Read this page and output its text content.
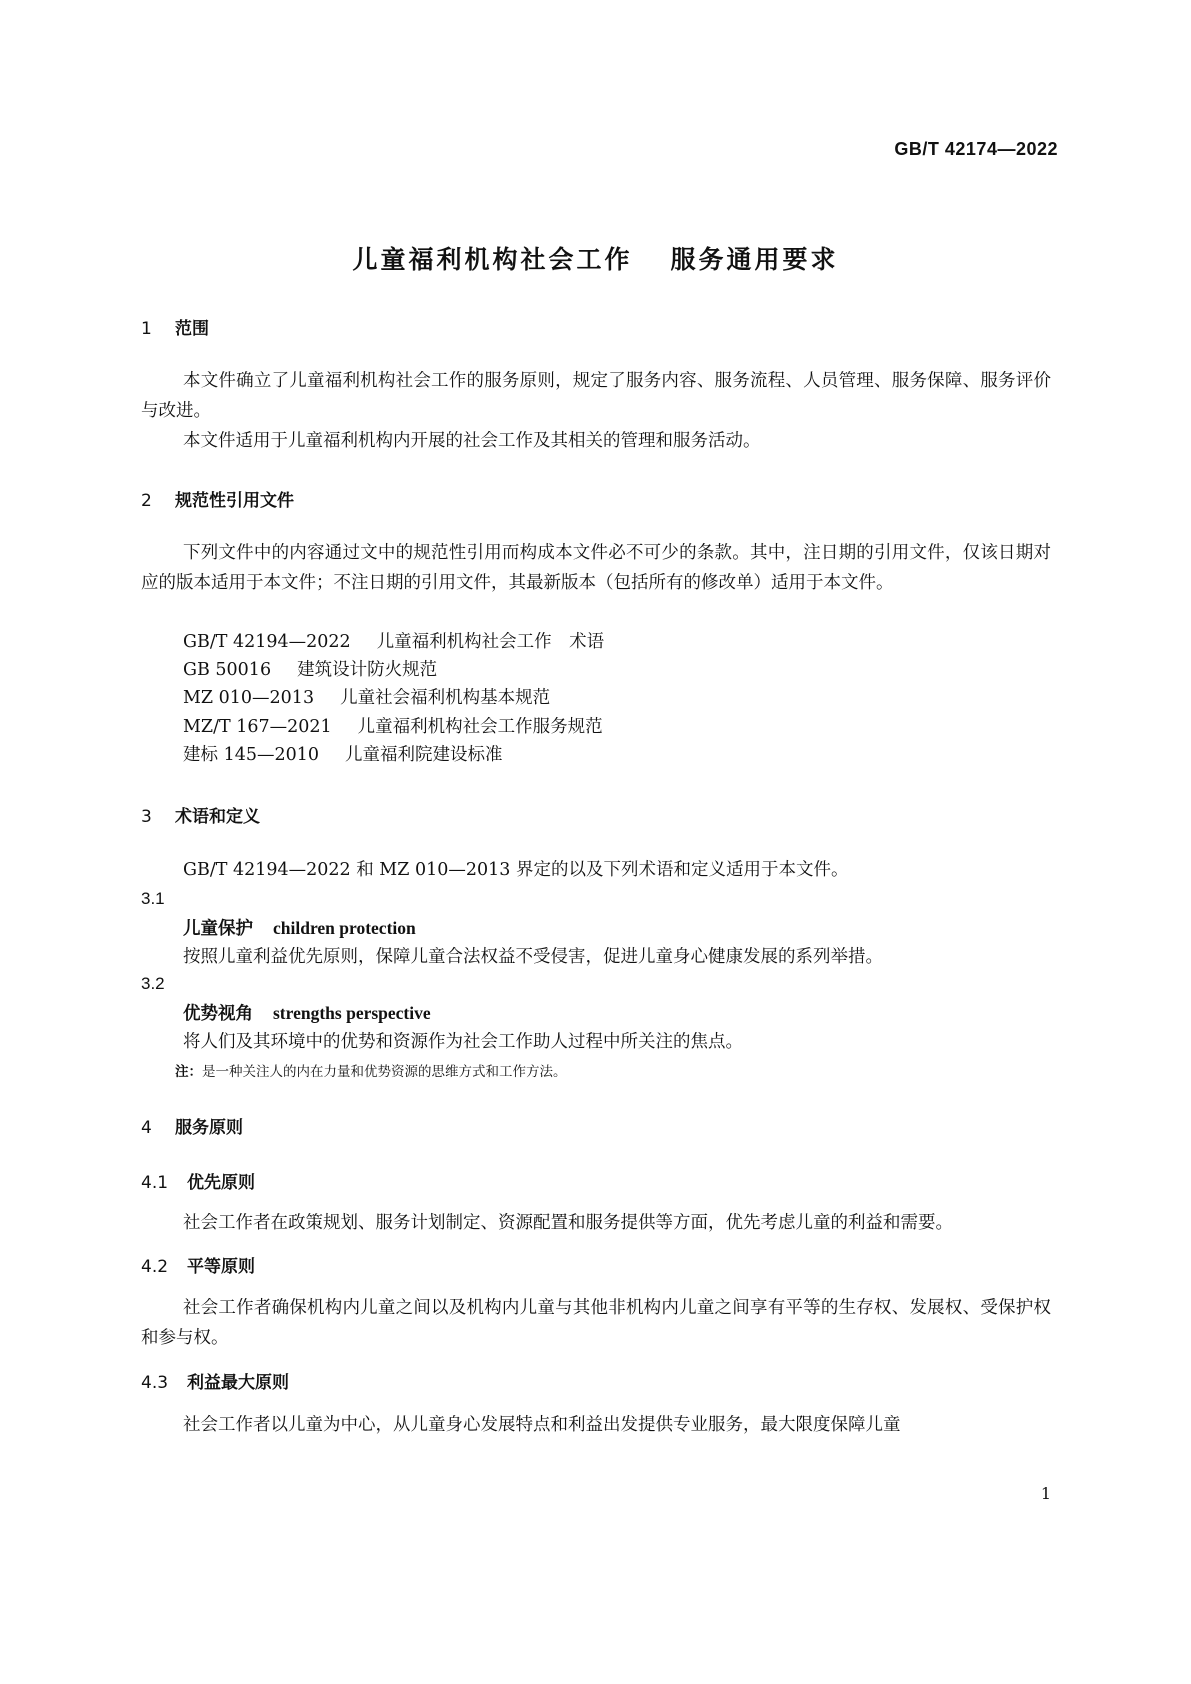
GB/T 42174—2022
儿童福利机构社会工作 服务通用要求
1 范围
本文件确立了儿童福利机构社会工作的服务原则，规定了服务内容、服务流程、人员管理、服务保障、服务评价与改进。
本文件适用于儿童福利机构内开展的社会工作及其相关的管理和服务活动。
2 规范性引用文件
下列文件中的内容通过文中的规范性引用而构成本文件必不可少的条款。其中，注日期的引用文件，仅该日期对应的版本适用于本文件；不注日期的引用文件，其最新版本（包括所有的修改单）适用于本文件。
GB/T 42194—2022 儿童福利机构社会工作　术语
GB 50016 建筑设计防火规范
MZ 010—2013 儿童社会福利机构基本规范
MZ/T 167—2021 儿童福利机构社会工作服务规范
建标 145—2010 儿童福利院建设标准
3 术语和定义
GB/T 42194—2022 和 MZ 010—2013 界定的以及下列术语和定义适用于本文件。
3.1
儿童保护 children protection
按照儿童利益优先原则，保障儿童合法权益不受侵害，促进儿童身心健康发展的系列举措。
3.2
优势视角 strengths perspective
将人们及其环境中的优势和资源作为社会工作助人过程中所关注的焦点。
注：是一种关注人的内在力量和优势资源的思维方式和工作方法。
4 服务原则
4.1 优先原则
社会工作者在政策规划、服务计划制定、资源配置和服务提供等方面，优先考虑儿童的利益和需要。
4.2 平等原则
社会工作者确保机构内儿童之间以及机构内儿童与其他非机构内儿童之间享有平等的生存权、发展权、受保护权和参与权。
4.3 利益最大原则
社会工作者以儿童为中心，从儿童身心发展特点和利益出发提供专业服务，最大限度保障儿童
1
